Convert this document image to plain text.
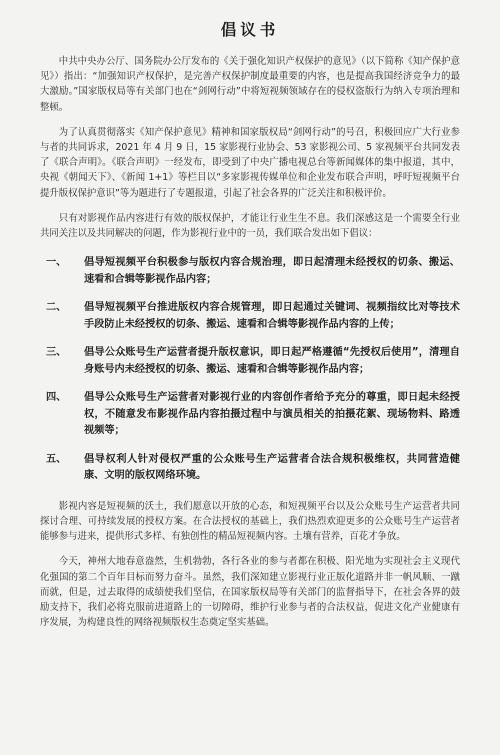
倡议书

中共中央办公厅、国务院办公厅发布的《关于强化知识产权保护的意见》（以下简称《知产保护意见》）指出：“加强知识产权保护，是完善产权保护制度最重要的内容，也是提高我国经济竞争力的最大激励。”国家版权局等有关部门也在“剑网行动”中将短视频领域存在的侵权盗版行为纳入专项治理和整顿。

为了认真贯彻落实《知产保护意见》精神和国家版权局“剑网行动”的号召，积极回应广大行业参与者的共同诉求，2021 年 4 月 9 日，15 家影视行业协会、53 家影视公司、5 家视频平台共同发表了《联合声明》。《联合声明》一经发布，即受到了中央广播电视总台等新闻媒体的集中报道，其中，央视《朝闻天下》、《新闻 1+1》等栏目以“多家影视传媒单位和企业发布联合声明，呼吁短视频平台提升版权保护意识”等为题进行了专题报道，引起了社会各界的广泛关注和积极评价。

只有对影视作品内容进行有效的版权保护，才能让行业生生不息。我们深感这是一个需要全行业共同关注以及共同解决的问题，作为影视行业中的一员，我们联合发出如下倡议：

一、	倡导短视频平台积极参与版权内容合规治理，即日起清理未经授权的切条、搬运、速看和合辑等影视作品内容；
二、	倡导短视频平台推进版权内容合规管理，即日起通过关键词、视频指纹比对等技术手段防止未经授权的切条、搬运、速看和合辑等影视作品内容的上传；
三、	倡导公众账号生产运营者提升版权意识，即日起严格遵循“先授权后使用”，清理自身账号内未经授权的切条、搬运、速看和合辑等影视作品内容；
四、	倡导公众账号生产运营者对影视行业的内容创作者给予充分的尊重，即日起未经授权，不随意发布影视作品内容拍摄过程中与演员相关的拍摄花絮、现场物料、路透视频等；
五、	倡导权利人针对侵权严重的公众账号生产运营者合法合规积极维权，共同营造健康、文明的版权网络环境。

影视内容是短视频的沃土，我们愿意以开放的心态，和短视频平台以及公众账号生产运营者共同探讨合理、可持续发展的授权方案。在合法授权的基础上，我们热烈欢迎更多的公众账号生产运营者能够参与进来，提供形式多样、有独创性的精品短视频内容。土壤有营养，百花才争放。

今天，神州大地春意盎然，生机勃勃，各行各业的参与者都在积极、阳光地为实现社会主义现代化强国的第二个百年目标而努力奋斗。虽然，我们深知建立影视行业正版化道路并非一帆风顺、一蹴而就，但是，过去取得的成绩使我们坚信，在国家版权局等有关部门的监督指导下，在社会各界的鼓励支持下，我们必将克服前进道路上的一切障碍，维护行业参与者的合法权益，促进文化产业健康有序发展，为构建良性的网络视频版权生态奠定坚实基础。
